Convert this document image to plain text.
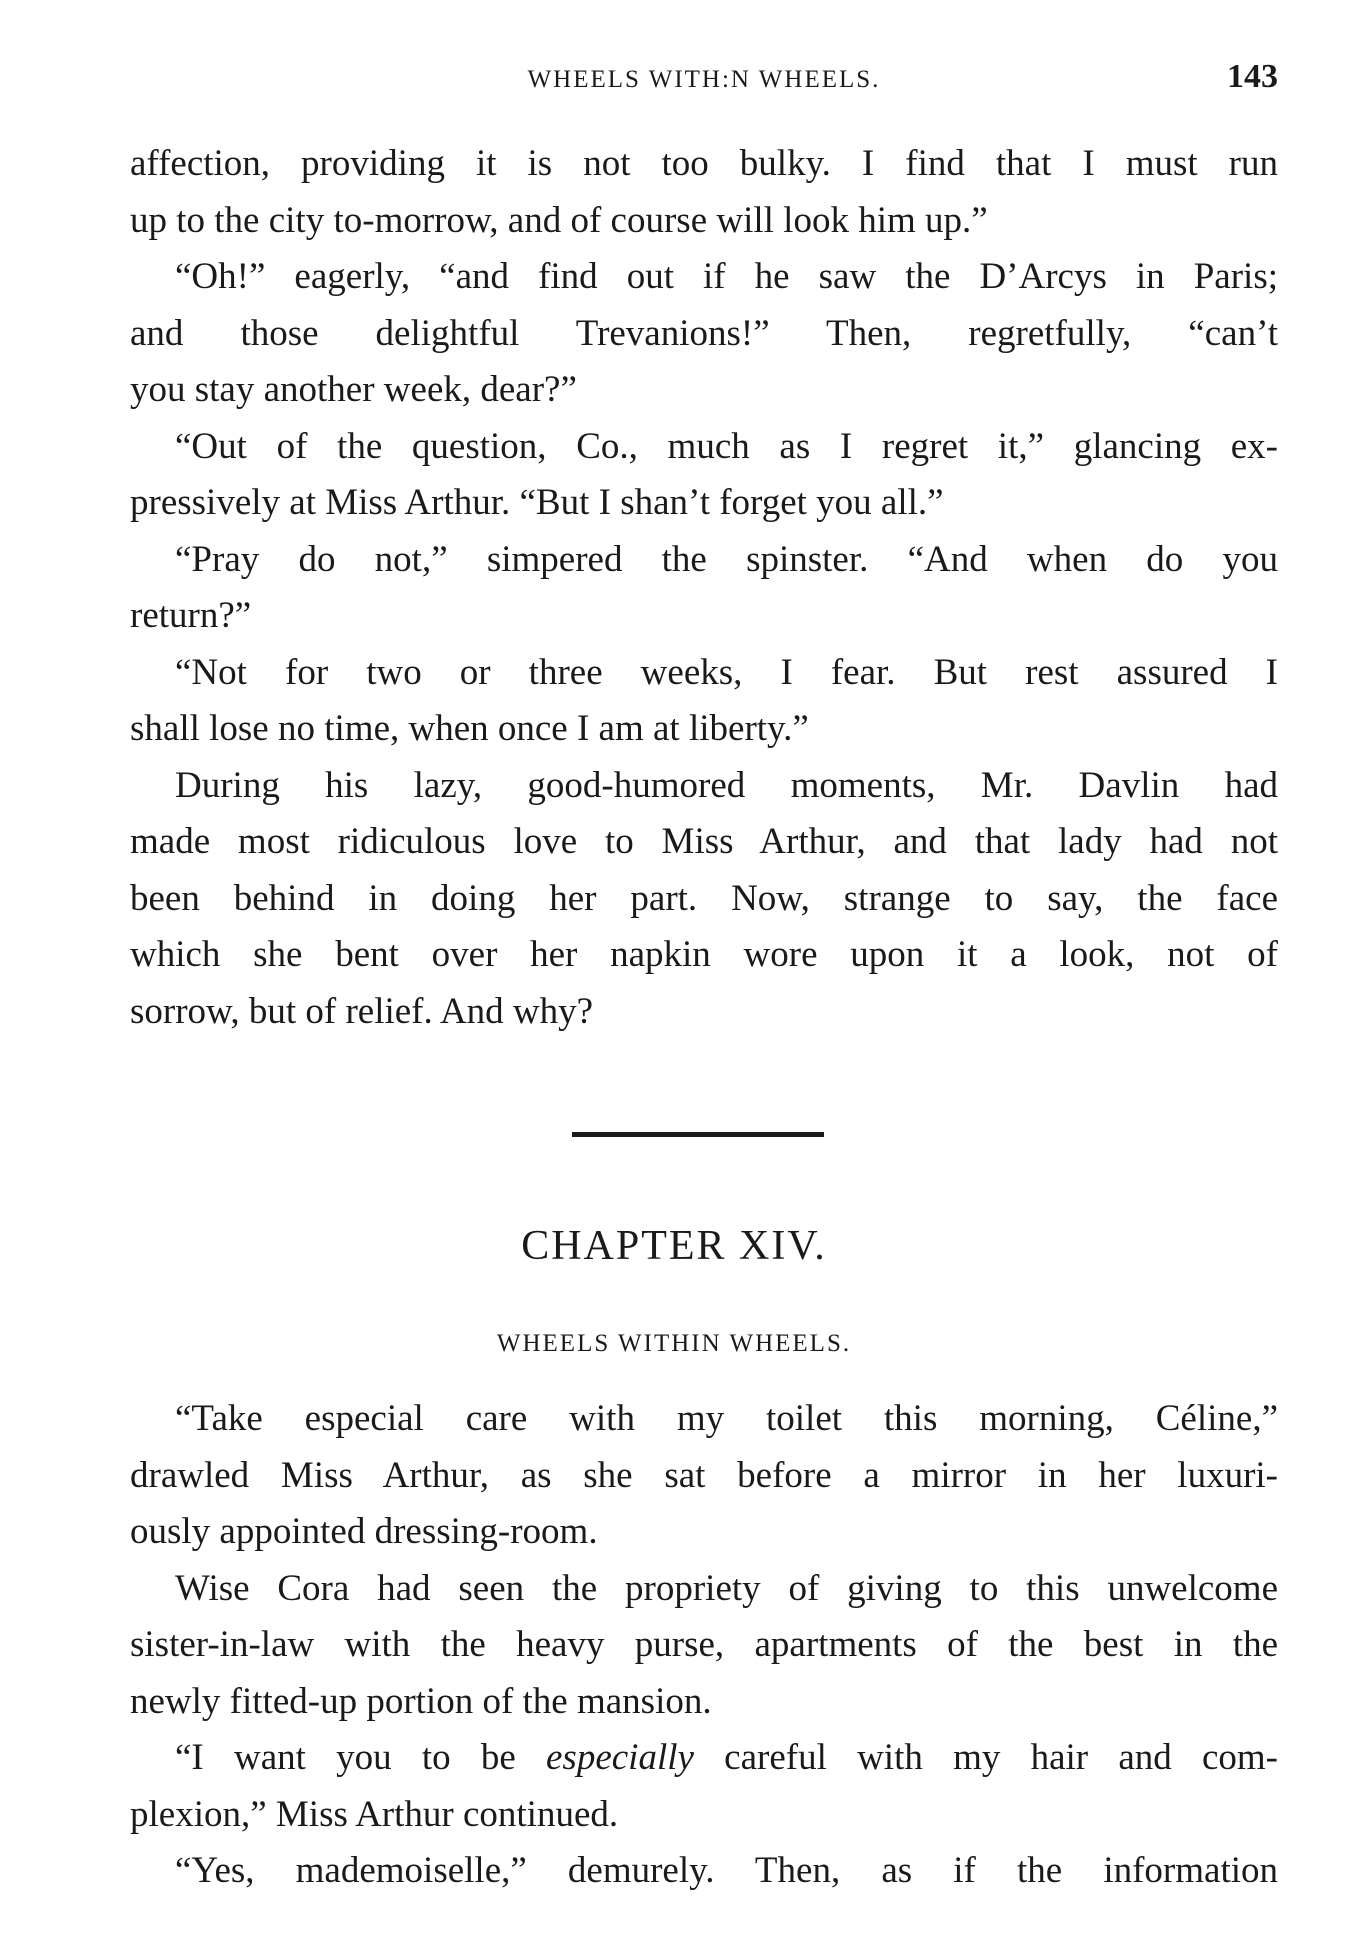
WHEELS WITH:N WHEELS.	143
affection, providing it is not too bulky. I find that I must run
up to the city to-morrow, and of course will look him up.”
“Oh!” eagerly, “and find out if he saw the D’Arcys in Paris;
and those delightful Trevanions!” Then, regretfully, “can’t
you stay another week, dear?”
“Out of the question, Co., much as I regret it,” glancing ex-
pressively at Miss Arthur. “But I shan’t forget you all.”
“Pray do not,” simpered the spinster. “And when do you
return?”
“Not for two or three weeks, I fear. But rest assured I
shall lose no time, when once I am at liberty.”
During his lazy, good-humored moments, Mr. Davlin had
made most ridiculous love to Miss Arthur, and that lady had not
been behind in doing her part. Now, strange to say, the face
which she bent over her napkin wore upon it a look, not of
sorrow, but of relief. And why?
CHAPTER XIV.
WHEELS WITHIN WHEELS.
“Take especial care with my toilet this morning, Céline,”
drawled Miss Arthur, as she sat before a mirror in her luxuri-
ously appointed dressing-room.
Wise Cora had seen the propriety of giving to this unwelcome
sister-in-law with the heavy purse, apartments of the best in the
newly fitted-up portion of the mansion.
“I want you to be especially careful with my hair and com-
plexion,” Miss Arthur continued.
“Yes, mademoiselle,” demurely. Then, as if the information
